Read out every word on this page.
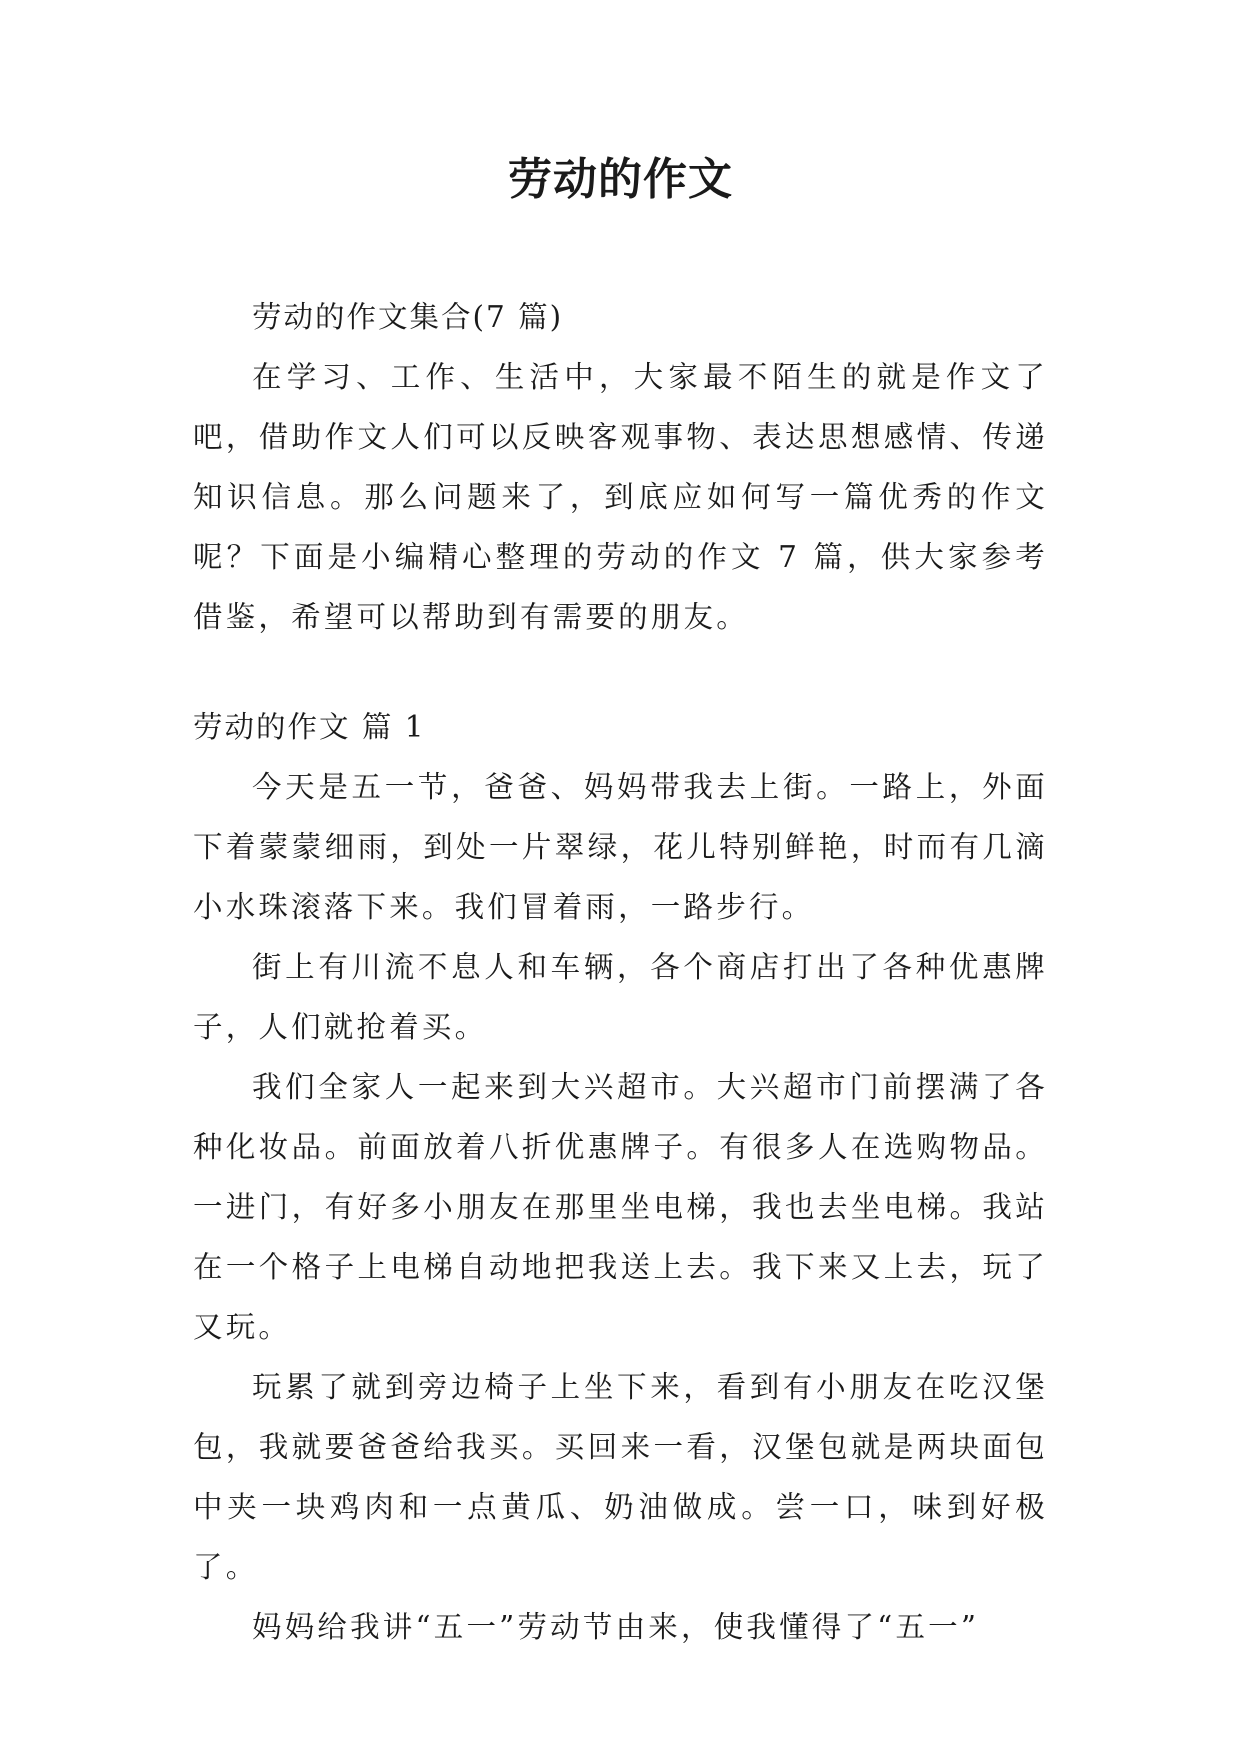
劳动的作文

劳动的作文集合(7 篇)

在学习、工作、生活中，大家最不陌生的就是作文了吧，借助作文人们可以反映客观事物、表达思想感情、传递知识信息。那么问题来了，到底应如何写一篇优秀的作文呢？下面是小编精心整理的劳动的作文 7 篇，供大家参考借鉴，希望可以帮助到有需要的朋友。

劳动的作文 篇 1

今天是五一节，爸爸、妈妈带我去上街。一路上，外面下着蒙蒙细雨，到处一片翠绿，花儿特别鲜艳，时而有几滴小水珠滚落下来。我们冒着雨，一路步行。

街上有川流不息人和车辆，各个商店打出了各种优惠牌子，人们就抢着买。

我们全家人一起来到大兴超市。大兴超市门前摆满了各种化妆品。前面放着八折优惠牌子。有很多人在选购物品。一进门，有好多小朋友在那里坐电梯，我也去坐电梯。我站在一个格子上电梯自动地把我送上去。我下来又上去，玩了又玩。

玩累了就到旁边椅子上坐下来，看到有小朋友在吃汉堡包，我就要爸爸给我买。买回来一看，汉堡包就是两块面包中夹一块鸡肉和一点黄瓜、奶油做成。尝一口，味到好极了。

妈妈给我讲“五一”劳动节由来，使我懂得了“五一”
